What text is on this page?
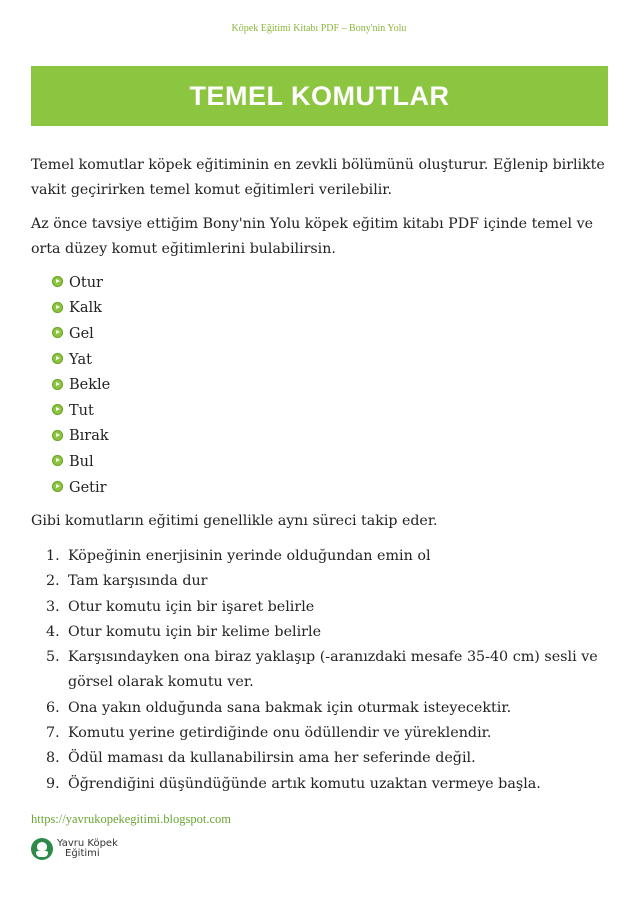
Köpek Eğitimi Kitabı PDF – Bony'nin Yolu
TEMEL KOMUTLAR

Temel komutlar köpek eğitiminin en zevkli bölümünü oluşturur. Eğlenip birlikte vakit geçirirken temel komut eğitimleri verilebilir.

Az önce tavsiye ettiğim Bony'nin Yolu köpek eğitim kitabı PDF içinde temel ve orta düzey komut eğitimlerini bulabilirsin.

Otur
Kalk
Gel
Yat
Bekle
Tut
Bırak
Bul
Getir

Gibi komutların eğitimi genellikle aynı süreci takip eder.

1. Köpeğinin enerjisinin yerinde olduğundan emin ol
2. Tam karşısında dur
3. Otur komutu için bir işaret belirle
4. Otur komutu için bir kelime belirle
5. Karşısındayken ona biraz yaklaşıp (-aranızdaki mesafe 35-40 cm) sesli ve görsel olarak komutu ver.
6. Ona yakın olduğunda sana bakmak için oturmak isteyecektir.
7. Komutu yerine getirdiğinde onu ödüllendir ve yüreklendir.
8. Ödül maması da kullanabilirsin ama her seferinde değil.
9. Öğrendiğini düşündüğünde artık komutu uzaktan vermeye başla.
https://yavrukopekegitimi.blogspot.com
Yavru Köpek
Eğitimi
